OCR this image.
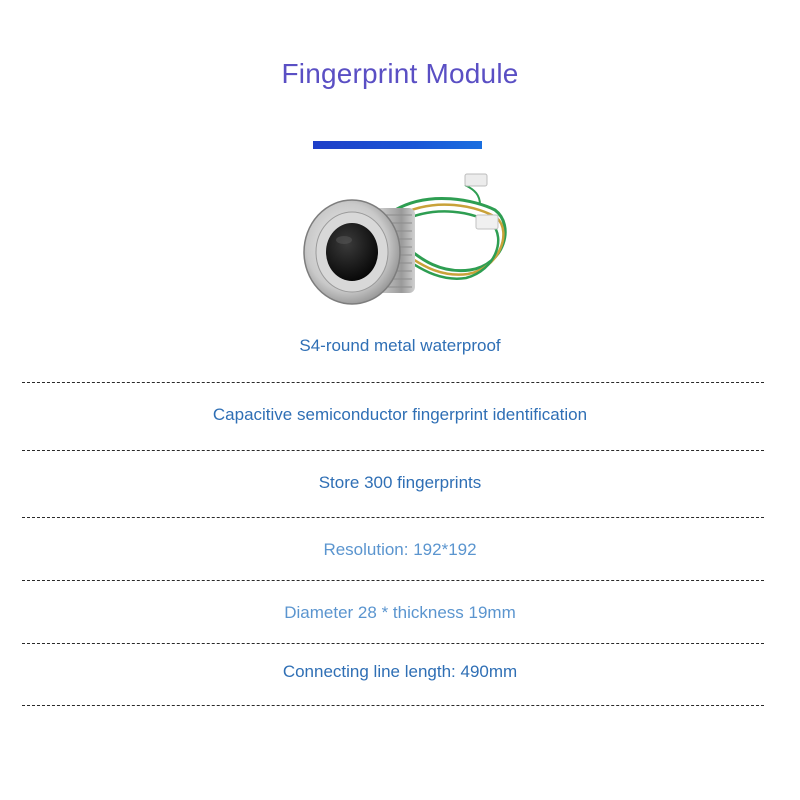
Fingerprint Module
S4-round metal waterproof
Capacitive semiconductor fingerprint identification
Store 300 fingerprints
Resolution: 192*192
Diameter 28 * thickness 19mm
Connecting line length: 490mm
